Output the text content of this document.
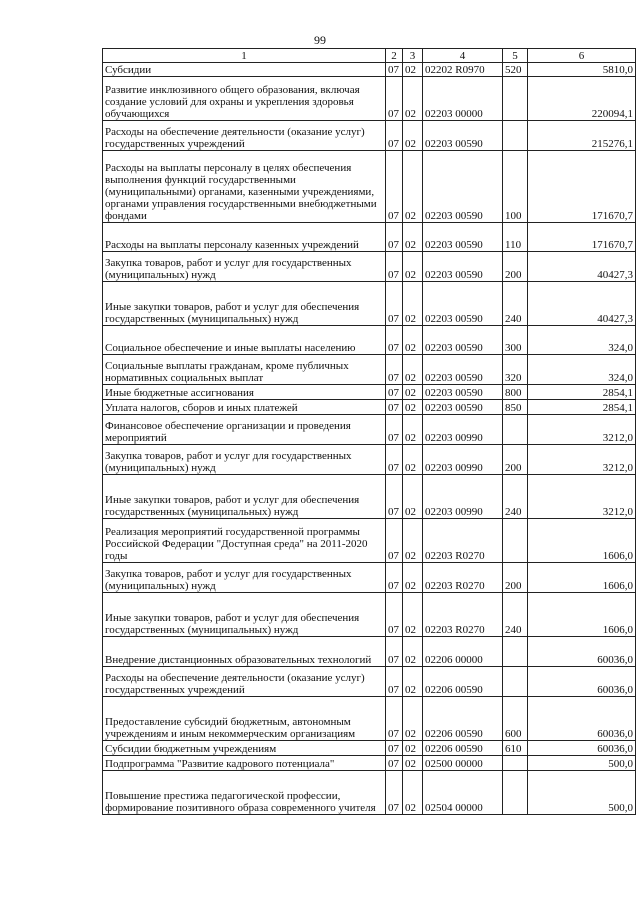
99
1	2	3	4	5	6
Субсидии	07	02	02202 R0970	520	5810,0
Развитие инклюзивного общего образования, включая создание условий для охраны и укрепления здоровья обучающихся	07	02	02203 00000		220094,1
Расходы на обеспечение деятельности (оказание услуг) государственных учреждений	07	02	02203 00590		215276,1
Расходы на выплаты персоналу в целях обеспечения выполнения функций государственными (муниципальными) органами, казенными учреждениями, органами управления государственными внебюджетными фондами	07	02	02203 00590	100	171670,7
Расходы на выплаты персоналу казенных учреждений	07	02	02203 00590	110	171670,7
Закупка товаров, работ и услуг для государственных (муниципальных) нужд	07	02	02203 00590	200	40427,3
Иные закупки товаров, работ и услуг для обеспечения государственных (муниципальных) нужд	07	02	02203 00590	240	40427,3
Социальное обеспечение и иные выплаты населению	07	02	02203 00590	300	324,0
Социальные выплаты гражданам, кроме публичных нормативных социальных выплат	07	02	02203 00590	320	324,0
Иные бюджетные ассигнования	07	02	02203 00590	800	2854,1
Уплата налогов, сборов и иных платежей	07	02	02203 00590	850	2854,1
Финансовое обеспечение организации и проведения мероприятий	07	02	02203 00990		3212,0
Закупка товаров, работ и услуг для государственных (муниципальных) нужд	07	02	02203 00990	200	3212,0
Иные закупки товаров, работ и услуг для обеспечения государственных (муниципальных) нужд	07	02	02203 00990	240	3212,0
Реализация мероприятий государственной программы Российской Федерации "Доступная среда" на 2011-2020 годы	07	02	02203 R0270		1606,0
Закупка товаров, работ и услуг для государственных (муниципальных) нужд	07	02	02203 R0270	200	1606,0
Иные закупки товаров, работ и услуг для обеспечения государственных (муниципальных) нужд	07	02	02203 R0270	240	1606,0
Внедрение дистанционных образовательных технологий	07	02	02206 00000		60036,0
Расходы на обеспечение деятельности (оказание услуг) государственных учреждений	07	02	02206 00590		60036,0
Предоставление субсидий бюджетным, автономным учреждениям и иным некоммерческим организациям	07	02	02206 00590	600	60036,0
Субсидии бюджетным учреждениям	07	02	02206 00590	610	60036,0
Подпрограмма "Развитие кадрового потенциала"	07	02	02500 00000		500,0
Повышение престижа педагогической профессии, формирование позитивного образа современного учителя	07	02	02504 00000		500,0
